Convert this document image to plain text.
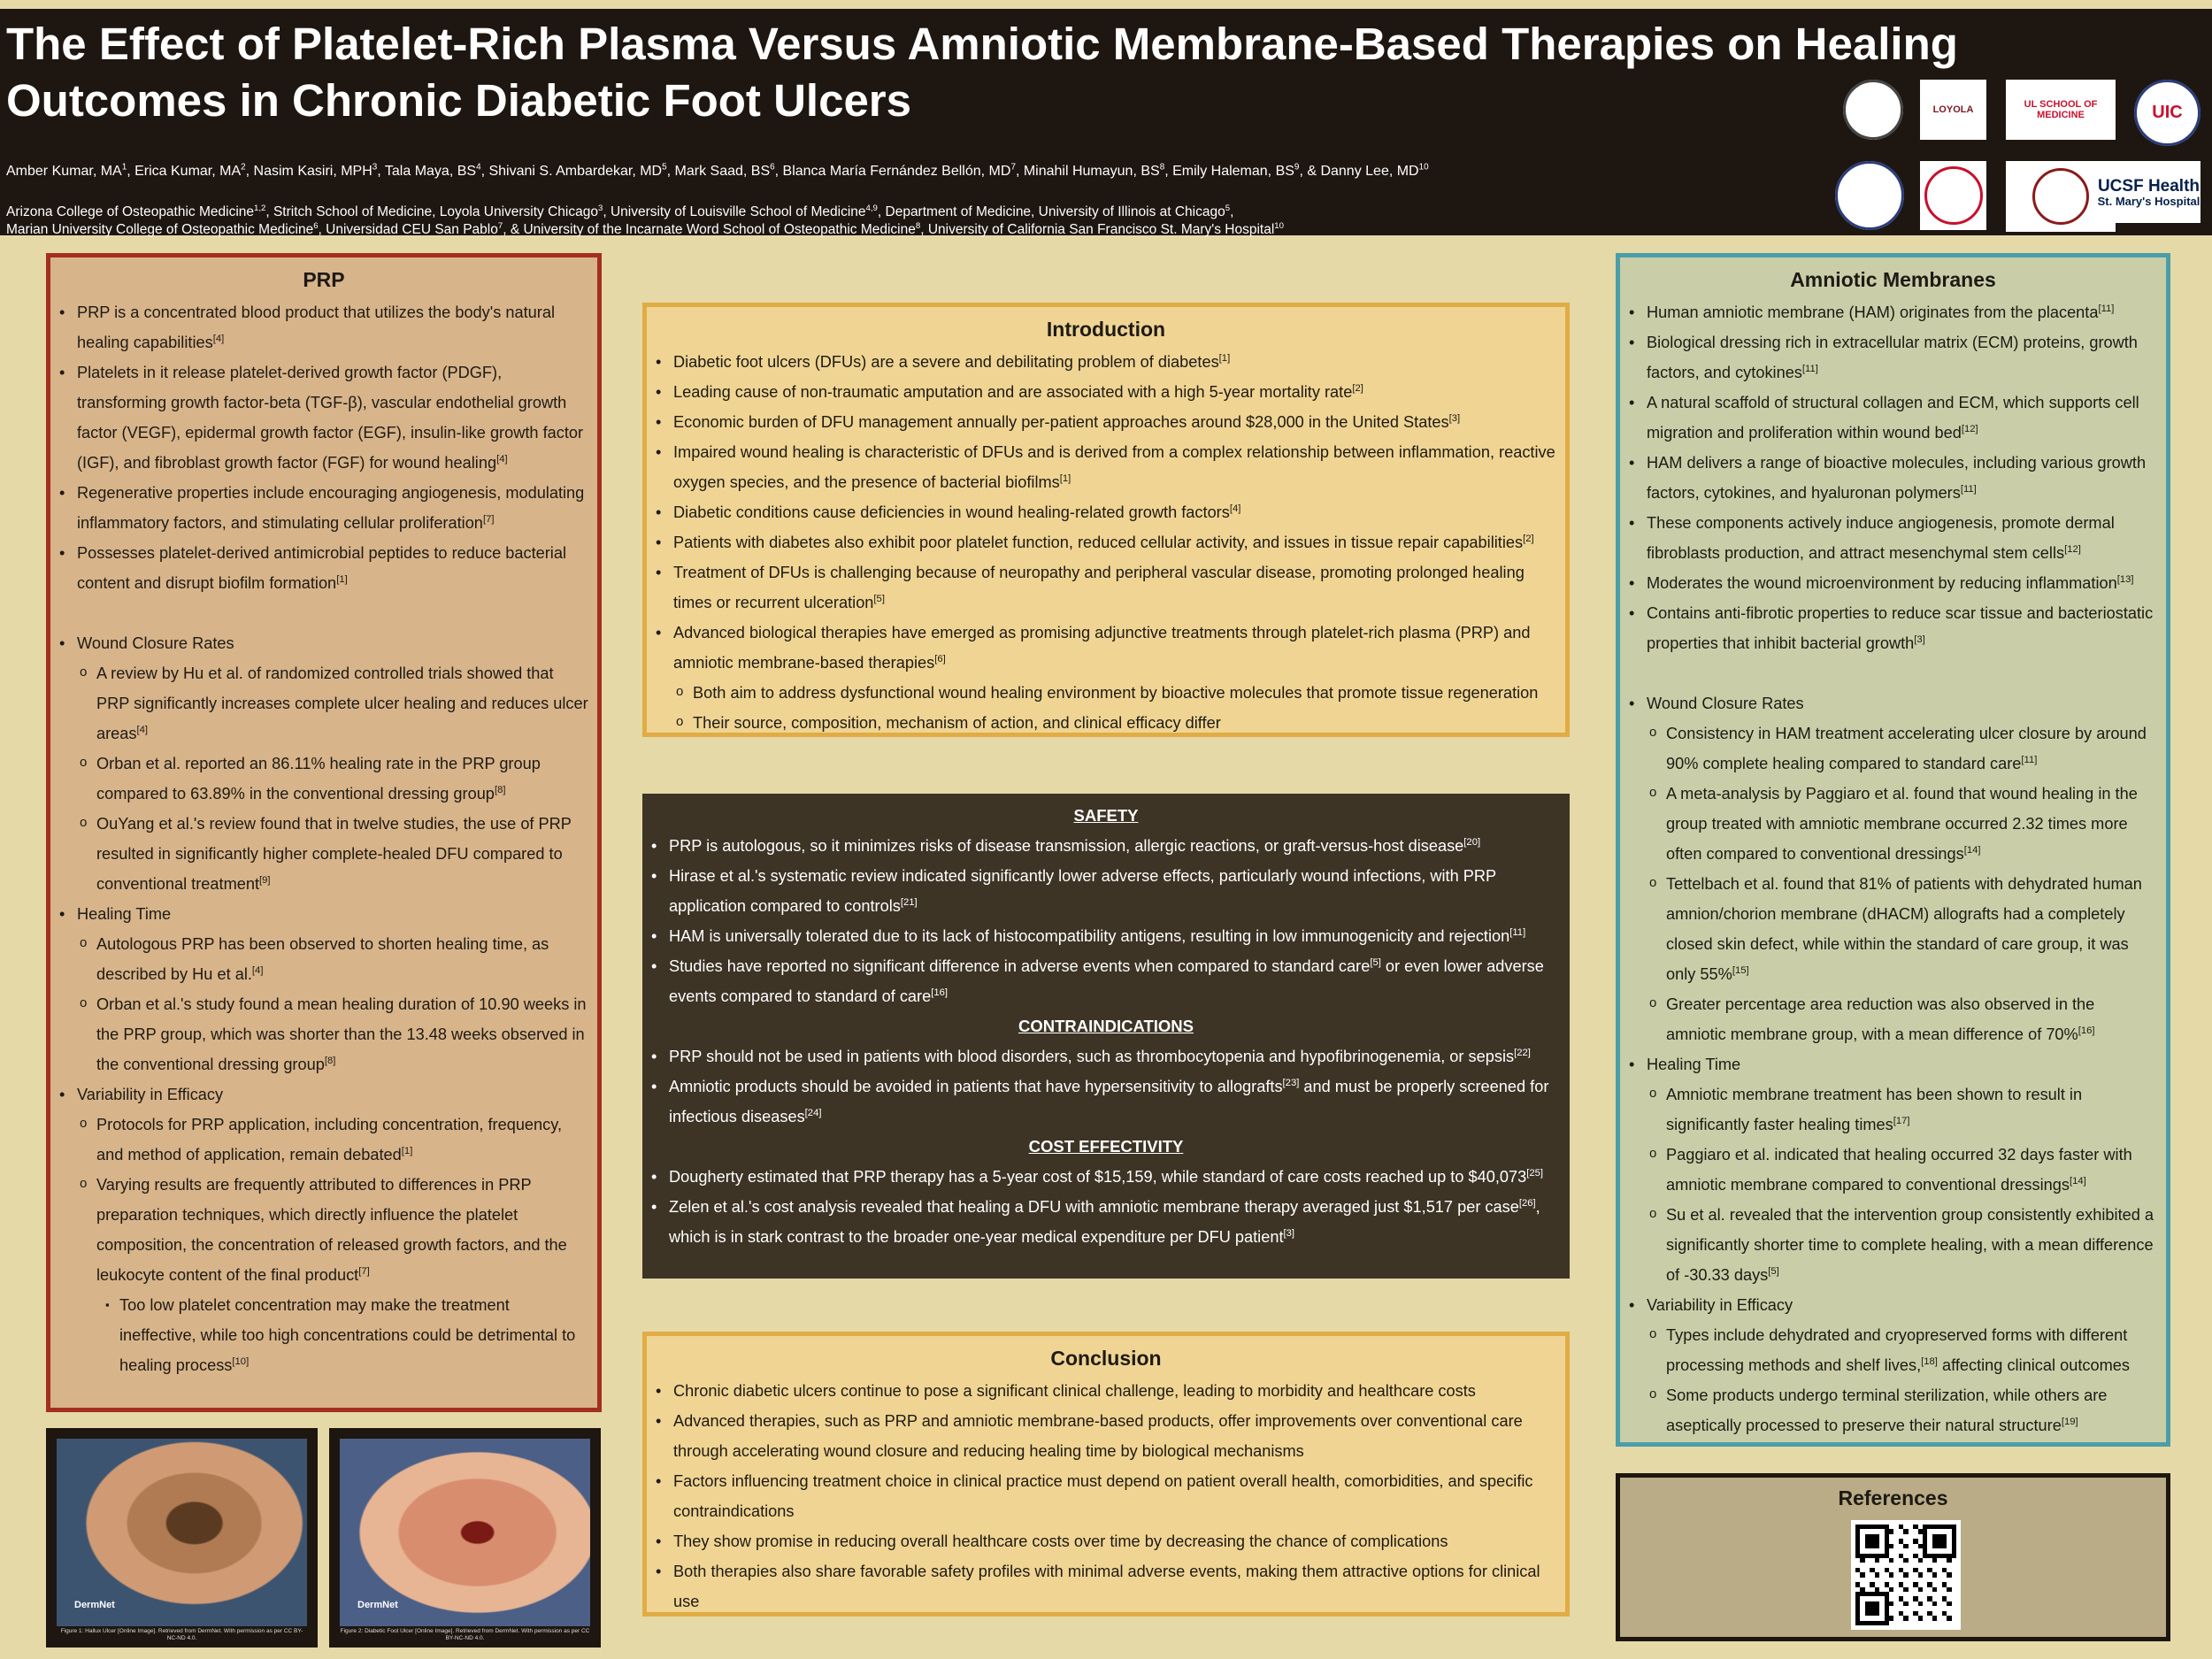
The Effect of Platelet-Rich Plasma Versus Amniotic Membrane-Based Therapies on Healing Outcomes in Chronic Diabetic Foot Ulcers
Amber Kumar, $MA^1$, Erica Kumar, $MA^2$, Nasim Kasiri, MPH$^3$, Tala Maya, $BS^4$, Shivani S. Ambardekar, $MD^5$, Mark Saad, $BS^6$, Blanca María Fernández Bellón, $MD^7$, Minahil Humayun, $BS^8$, Emily Haleman, $BS^9$, & Danny Lee, MD$^{10}$
Arizona College of Osteopathic Medicine$^{1,2}$, Stritch School of Medicine, Loyola University Chicago$^3$, University of Louisville School of Medicine$^{4,9}$, Department of Medicine, University of Illinois at Chicago$^5$,
Marian University College of Osteopathic Medicine$^6$, Universidad CEU San Pablo$^7$, & University of the Incarnate Word School of Osteopathic Medicine$^8$, University of California San Francisco St. Mary's Hospital$^{10}$
LOYOLA	UL SCHOOL OF MEDICINE	UIC
UCSF Health
St. Mary's Hospital
PRP
• PRP is a concentrated blood product that utilizes the body's natural healing capabilities[4]
• Platelets in it release platelet-derived growth factor (PDGF), transforming growth factor-beta (TGF-β), vascular endothelial growth factor (VEGF), epidermal growth factor (EGF), insulin-like growth factor (IGF), and fibroblast growth factor (FGF) for wound healing[4]
• Regenerative properties include encouraging angiogenesis, modulating inflammatory factors, and stimulating cellular proliferation[7]
• Possesses platelet-derived antimicrobial peptides to reduce bacterial content and disrupt biofilm formation[1]
• Wound Closure Rates
o A review by Hu et al. of randomized controlled trials showed that PRP significantly increases complete ulcer healing and reduces ulcer areas[4]
o Orban et al. reported an 86.11% healing rate in the PRP group compared to 63.89% in the conventional dressing group[8]
o OuYang et al.'s review found that in twelve studies, the use of PRP resulted in significantly higher complete-healed DFU compared to conventional treatment[9]
• Healing Time
o Autologous PRP has been observed to shorten healing time, as described by Hu et al.[4]
o Orban et al.'s study found a mean healing duration of 10.90 weeks in the PRP group, which was shorter than the 13.48 weeks observed in the conventional dressing group[8]
• Variability in Efficacy
o Protocols for PRP application, including concentration, frequency, and method of application, remain debated[1]
o Varying results are frequently attributed to differences in PRP preparation techniques, which directly influence the platelet composition, the concentration of released growth factors, and the leukocyte content of the final product[7]
▪ Too low platelet concentration may make the treatment ineffective, while too high concentrations could be detrimental to healing process[10]
Introduction
• Diabetic foot ulcers (DFUs) are a severe and debilitating problem of diabetes[1]
• Leading cause of non-traumatic amputation and are associated with a high 5-year mortality rate[2]
• Economic burden of DFU management annually per-patient approaches around $28,000 in the United States[3]
• Impaired wound healing is characteristic of DFUs and is derived from a complex relationship between inflammation, reactive oxygen species, and the presence of bacterial biofilms[1]
• Diabetic conditions cause deficiencies in wound healing-related growth factors[4]
• Patients with diabetes also exhibit poor platelet function, reduced cellular activity, and issues in tissue repair capabilities[2]
• Treatment of DFUs is challenging because of neuropathy and peripheral vascular disease, promoting prolonged healing times or recurrent ulceration[5]
• Advanced biological therapies have emerged as promising adjunctive treatments through platelet-rich plasma (PRP) and amniotic membrane-based therapies[6]
o Both aim to address dysfunctional wound healing environment by bioactive molecules that promote tissue regeneration
o Their source, composition, mechanism of action, and clinical efficacy differ
SAFETY
• PRP is autologous, so it minimizes risks of disease transmission, allergic reactions, or graft-versus-host disease[20]
• Hirase et al.'s systematic review indicated significantly lower adverse effects, particularly wound infections, with PRP application compared to controls[21]
• HAM is universally tolerated due to its lack of histocompatibility antigens, resulting in low immunogenicity and rejection[11]
• Studies have reported no significant difference in adverse events when compared to standard care[5] or even lower adverse events compared to standard of care[16]
CONTRAINDICATIONS
• PRP should not be used in patients with blood disorders, such as thrombocytopenia and hypofibrinogenemia, or sepsis[22]
• Amniotic products should be avoided in patients that have hypersensitivity to allografts[23] and must be properly screened for infectious diseases[24]
COST EFFECTIVITY
• Dougherty estimated that PRP therapy has a 5-year cost of $15,159, while standard of care costs reached up to $40,073[25]
• Zelen et al.'s cost analysis revealed that healing a DFU with amniotic membrane therapy averaged just $1,517 per case[26], which is in stark contrast to the broader one-year medical expenditure per DFU patient[3]
Conclusion
• Chronic diabetic ulcers continue to pose a significant clinical challenge, leading to morbidity and healthcare costs
• Advanced therapies, such as PRP and amniotic membrane-based products, offer improvements over conventional care through accelerating wound closure and reducing healing time by biological mechanisms
• Factors influencing treatment choice in clinical practice must depend on patient overall health, comorbidities, and specific contraindications
• They show promise in reducing overall healthcare costs over time by decreasing the chance of complications
• Both therapies also share favorable safety profiles with minimal adverse events, making them attractive options for clinical use
Amniotic Membranes
• Human amniotic membrane (HAM) originates from the placenta[11]
• Biological dressing rich in extracellular matrix (ECM) proteins, growth factors, and cytokines[11]
• A natural scaffold of structural collagen and ECM, which supports cell migration and proliferation within wound bed[12]
• HAM delivers a range of bioactive molecules, including various growth factors, cytokines, and hyaluronan polymers[11]
• These components actively induce angiogenesis, promote dermal fibroblasts production, and attract mesenchymal stem cells[12]
• Moderates the wound microenvironment by reducing inflammation[13]
• Contains anti-fibrotic properties to reduce scar tissue and bacteriostatic properties that inhibit bacterial growth[3]
• Wound Closure Rates
o Consistency in HAM treatment accelerating ulcer closure by around 90% complete healing compared to standard care[11]
o A meta-analysis by Paggiaro et al. found that wound healing in the group treated with amniotic membrane occurred 2.32 times more often compared to conventional dressings[14]
o Tettelbach et al. found that 81% of patients with dehydrated human amnion/chorion membrane (dHACM) allografts had a completely closed skin defect, while within the standard of care group, it was only 55%[15]
o Greater percentage area reduction was also observed in the amniotic membrane group, with a mean difference of 70%[16]
• Healing Time
o Amniotic membrane treatment has been shown to result in significantly faster healing times[17]
o Paggiaro et al. indicated that healing occurred 32 days faster with amniotic membrane compared to conventional dressings[14]
o Su et al. revealed that the intervention group consistently exhibited a significantly shorter time to complete healing, with a mean difference of -30.33 days[5]
• Variability in Efficacy
o Types include dehydrated and cryopreserved forms with different processing methods and shelf lives,[18] affecting clinical outcomes
o Some products undergo terminal sterilization, while others are aseptically processed to preserve their natural structure[19]
References
DermNet
Figure 1: Hallux Ulcer [Online Image]. Retrieved from DermNet. With permission as per CC BY-NC-ND 4.0.
DermNet
Figure 2: Diabetic Foot Ulcer [Online Image]. Retrieved from DermNet. With permission as per CC BY-NC-ND 4.0.
